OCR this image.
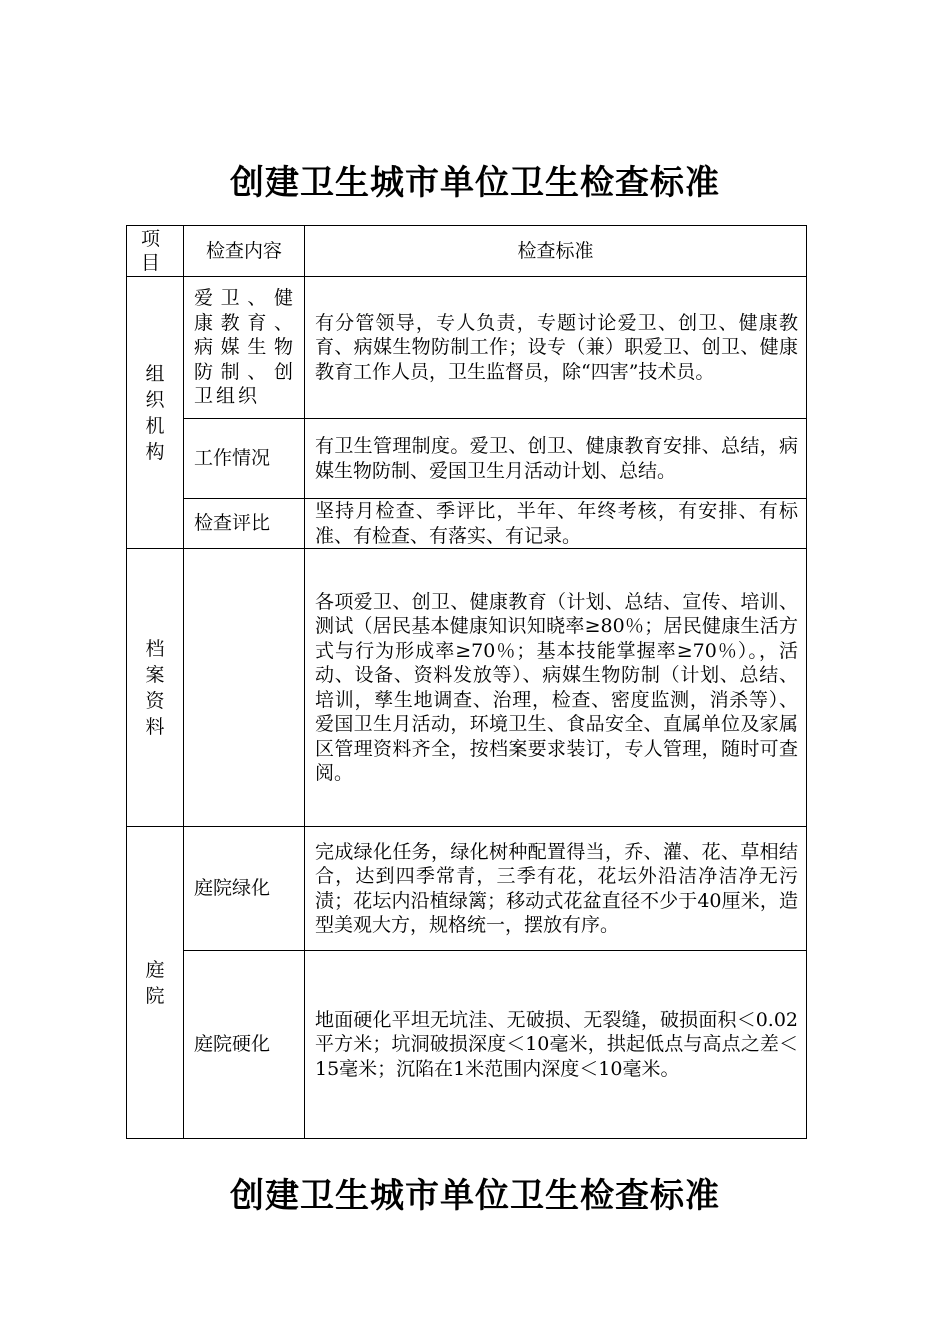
创建卫生城市单位卫生检查标准
项目	检查内容	检查标准
组织机构	爱卫、健康教育、病媒生物防制、创卫组织	有分管领导，专人负责，专题讨论爱卫、创卫、健康教育、病媒生物防制工作；设专（兼）职爱卫、创卫、健康教育工作人员，卫生监督员，除“四害”技术员。
	工作情况	有卫生管理制度。爱卫、创卫、健康教育安排、总结，病媒生物防制、爱国卫生月活动计划、总结。
	检查评比	坚持月检查、季评比，半年、年终考核，有安排、有标准、有检查、有落实、有记录。
档案资料		各项爱卫、创卫、健康教育（计划、总结、宣传、培训、测试（居民基本健康知识知晓率≥80％；居民健康生活方式与行为形成率≥70％；基本技能掌握率≥70％）。，活动、设备、资料发放等）、病媒生物防制（计划、总结、培训，孳生地调查、治理，检查、密度监测，消杀等）、爱国卫生月活动，环境卫生、食品安全、直属单位及家属区管理资料齐全，按档案要求装订，专人管理，随时可查阅。
庭院	庭院绿化	完成绿化任务，绿化树种配置得当，乔、灌、花、草相结合，达到四季常青，三季有花，花坛外沿洁净洁净无污渍；花坛内沿植绿篱；移动式花盆直径不少于40厘米，造型美观大方，规格统一，摆放有序。
	庭院硬化	地面硬化平坦无坑洼、无破损、无裂缝，破损面积＜0.02平方米；坑洞破损深度＜10毫米，拱起低点与高点之差＜15毫米；沉陷在1米范围内深度＜10毫米。
创建卫生城市单位卫生检查标准
